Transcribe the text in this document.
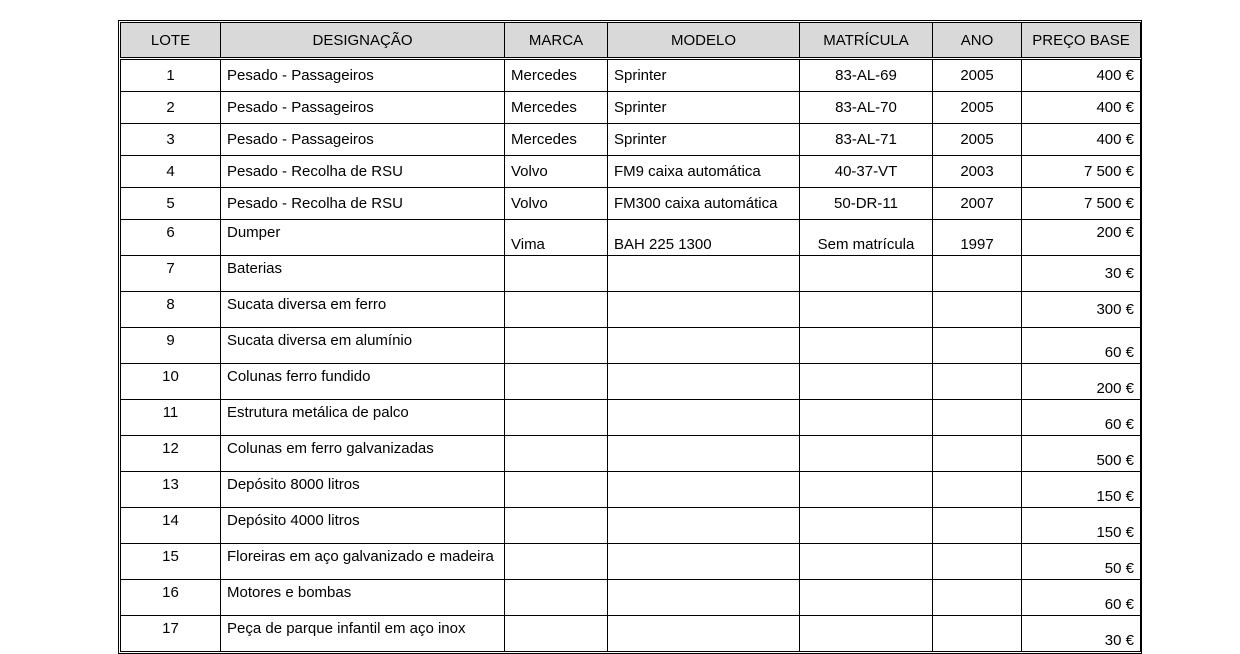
LOTE	DESIGNAÇÃO	MARCA	MODELO	MATRÍCULA	ANO	PREÇO BASE
1	Pesado - Passageiros	Mercedes	Sprinter	83-AL-69	2005	400 €
2	Pesado - Passageiros	Mercedes	Sprinter	83-AL-70	2005	400 €
3	Pesado - Passageiros	Mercedes	Sprinter	83-AL-71	2005	400 €
4	Pesado - Recolha de RSU	Volvo	FM9 caixa automática	40-37-VT	2003	7 500 €
5	Pesado - Recolha de RSU	Volvo	FM300 caixa automática	50-DR-11	2007	7 500 €
6	Dumper	Vima	BAH 225 1300	Sem matrícula	1997	200 €
7	Baterias					30 €
8	Sucata diversa em ferro					300 €
9	Sucata diversa em alumínio					60 €
10	Colunas ferro fundido					200 €
11	Estrutura metálica de palco					60 €
12	Colunas em ferro galvanizadas					500 €
13	Depósito 8000 litros					150 €
14	Depósito 4000 litros					150 €
15	Floreiras em aço galvanizado e madeira					50 €
16	Motores e bombas					60 €
17	Peça de parque infantil em aço inox					30 €
